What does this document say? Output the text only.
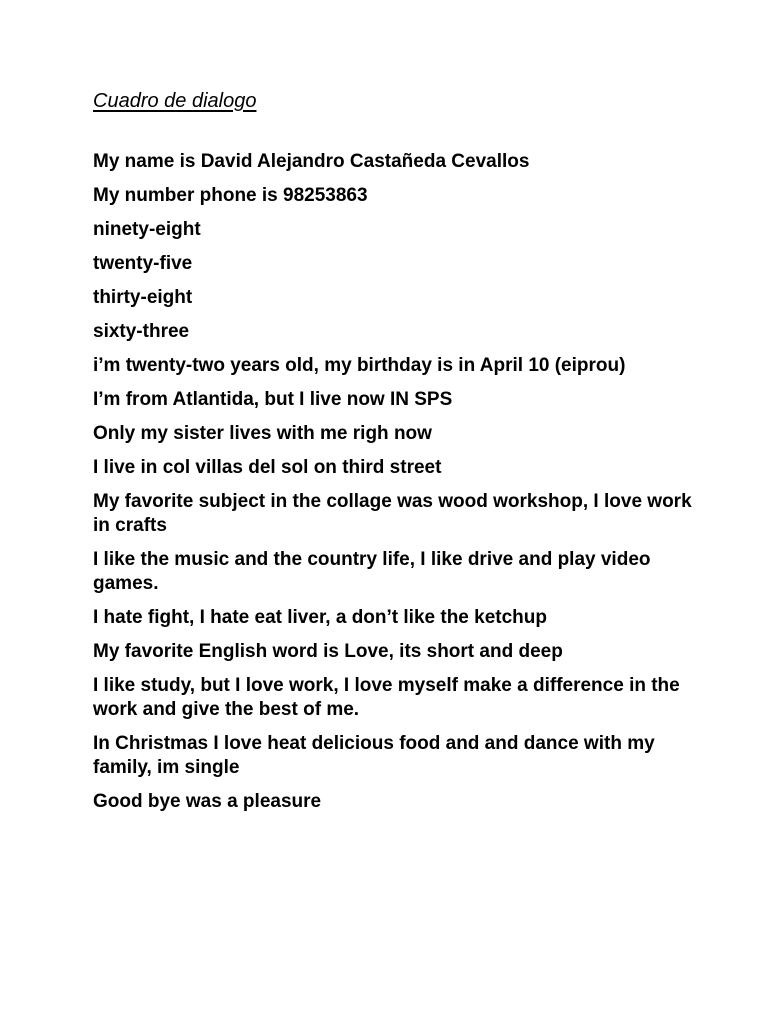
Cuadro de dialogo

My name is David Alejandro Castañeda Cevallos

My number phone is 98253863

ninety-eight

twenty-five

thirty-eight

sixty-three

i’m twenty-two years old, my birthday is in April 10 (eiprou)

I’m from Atlantida, but I live now IN SPS

Only my sister lives with me righ now

I live in col villas del sol on third street

My favorite subject in the collage was wood workshop, I love work in crafts

I like the music and the country life, I like drive and play video games.

I hate fight, I hate eat liver, a don’t like the ketchup

My favorite English word is Love, its short and deep

I like study, but I love work, I love myself make a difference in the work and give the best of me.

In Christmas I love heat delicious food and and dance with my family, im single

Good bye was a pleasure
